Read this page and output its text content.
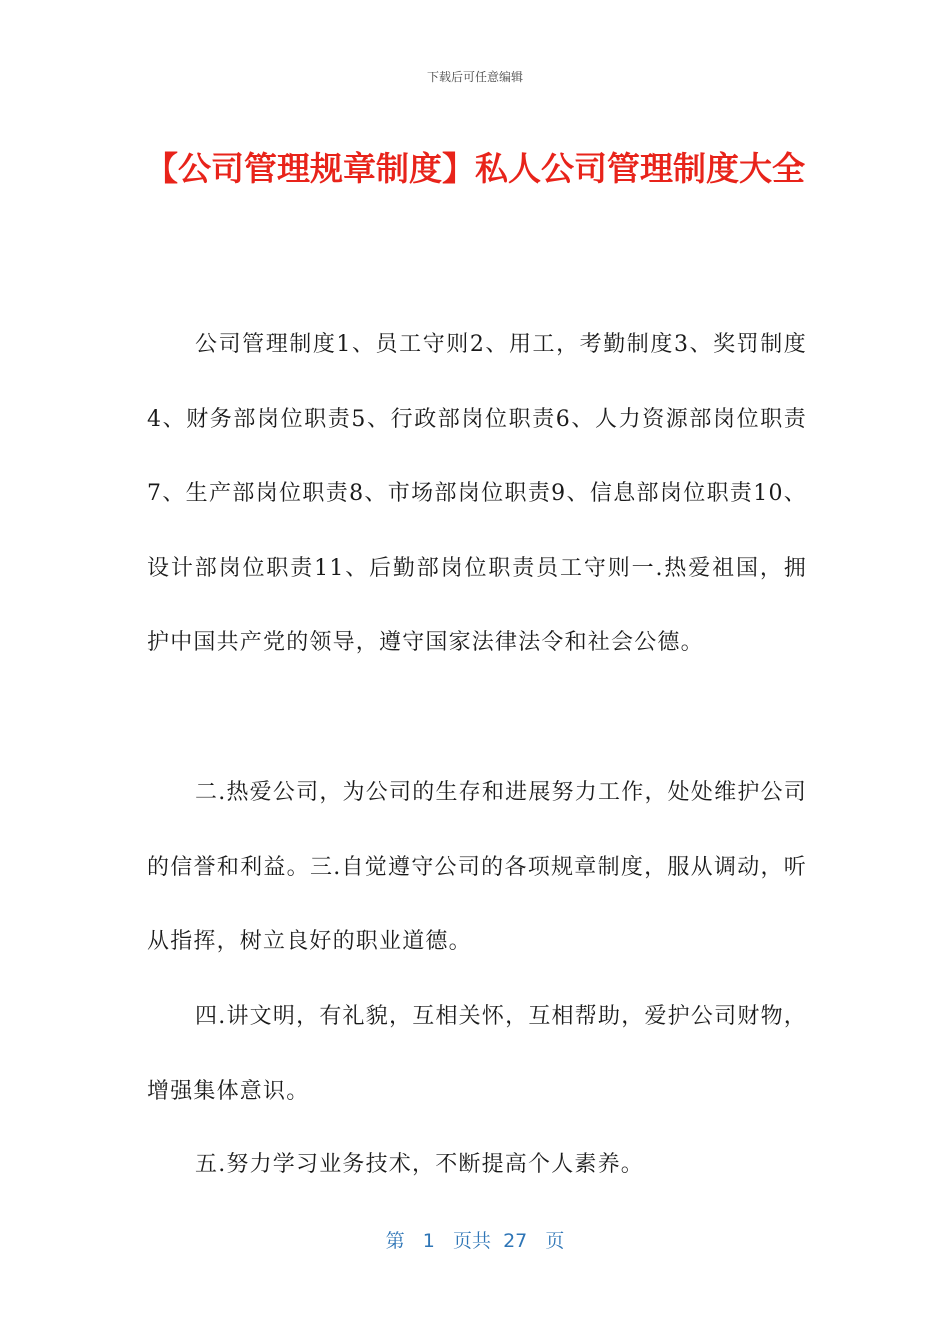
下载后可任意编辑
【公司管理规章制度】私人公司管理制度大全

公司管理制度1、员工守则2、用工，考勤制度3、奖罚制度4、财务部岗位职责5、行政部岗位职责6、人力资源部岗位职责7、生产部岗位职责8、市场部岗位职责9、信息部岗位职责10、设计部岗位职责11、后勤部岗位职责员工守则一.热爱祖国，拥护中国共产党的领导，遵守国家法律法令和社会公德。

二.热爱公司，为公司的生存和进展努力工作，处处维护公司的信誉和利益。三.自觉遵守公司的各项规章制度，服从调动，听从指挥，树立良好的职业道德。

四.讲文明，有礼貌，互相关怀，互相帮助，爱护公司财物，增强集体意识。

五.努力学习业务技术，不断提高个人素养。

第 1 页共 27 页
